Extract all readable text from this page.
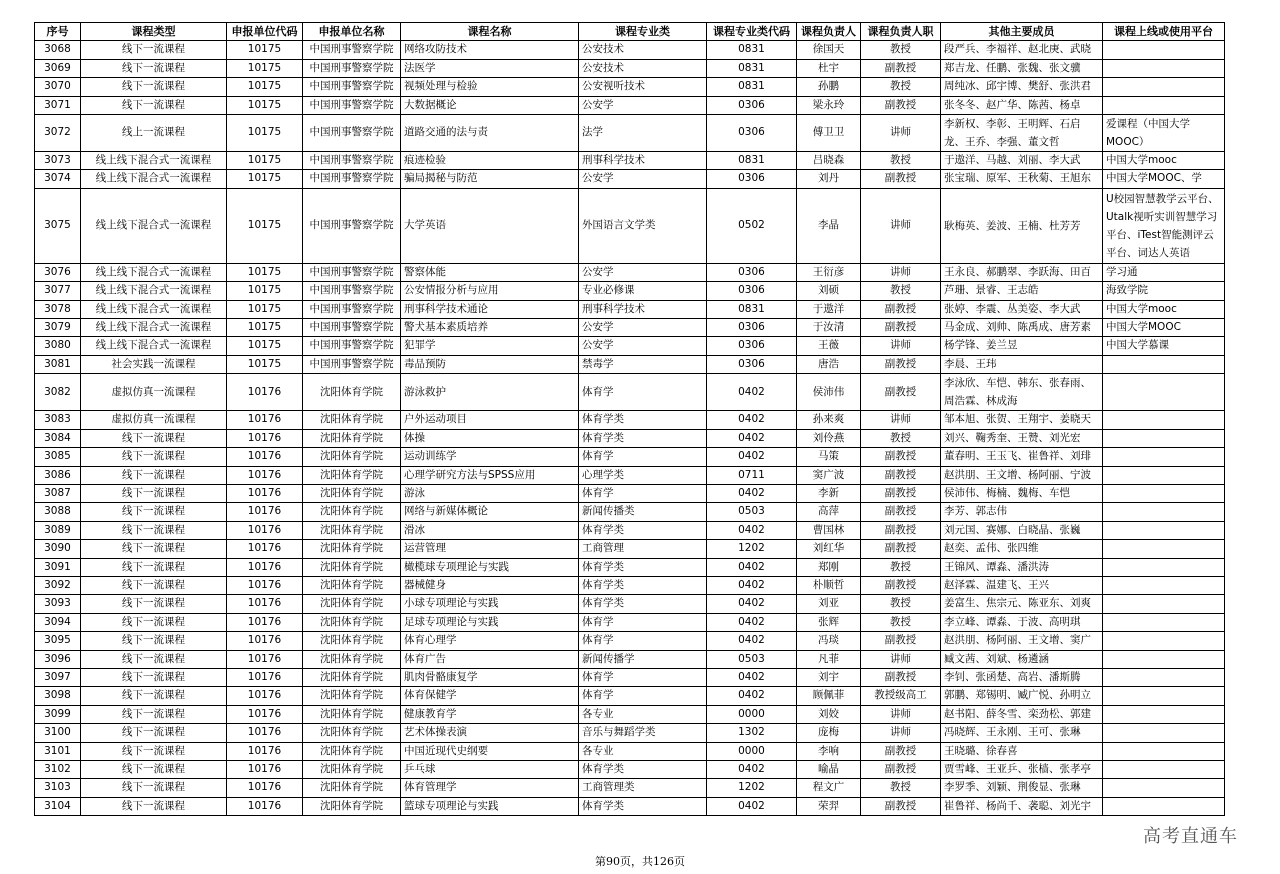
序号	课程类型	申报单位代码	申报单位名称	课程名称	课程专业类	课程专业类代码	课程负责人	课程负责人职	其他主要成员	课程上线或使用平台
3068	线下一流课程	10175	中国刑事警察学院	网络攻防技术	公安技术	0831	徐国天	教授	段严兵、李福祥、赵北庚、武晓	
3069	线下一流课程	10175	中国刑事警察学院	法医学	公安技术	0831	杜宇	副教授	郑吉龙、任鹏、张魏、张文骥	
3070	线下一流课程	10175	中国刑事警察学院	视频处理与检验	公安视听技术	0831	孙鹏	教授	周纯冰、邱宇博、樊舒、张洪君	
3071	线下一流课程	10175	中国刑事警察学院	大数据概论	公安学	0306	梁永玲	副教授	张冬冬、赵广华、陈茜、杨卓	
3072	线上一流课程	10175	中国刑事警察学院	道路交通的法与责	法学	0306	傅卫卫	讲师	李新权、李彰、王明辉、石启龙、王乔、李强、董文哲	爱课程（中国大学MOOC）
3073	线上线下混合式一流课程	10175	中国刑事警察学院	痕迹检验	刑事科学技术	0831	吕晓森	教授	于遨洋、马越、刘丽、李大武	中国大学mooc
3074	线上线下混合式一流课程	10175	中国刑事警察学院	骗局揭秘与防范	公安学	0306	刘丹	副教授	张宝瑞、原军、王秋菊、王旭东	中国大学MOOC、学
3075	线上线下混合式一流课程	10175	中国刑事警察学院	大学英语	外国语言文学类	0502	李晶	讲师	耿梅英、姜波、王楠、杜芳芳	U校园智慧教学云平台、Utalk视听实训智慧学习平台、iTest智能测评云平台、词达人英语
3076	线上线下混合式一流课程	10175	中国刑事警察学院	警察体能	公安学	0306	王衍彦	讲师	王永良、郝鹏翠、李跃海、田百	学习通
3077	线上线下混合式一流课程	10175	中国刑事警察学院	公安情报分析与应用	专业必修课	0306	刘硕	教授	芦珊、景睿、王志皓	海致学院
3078	线上线下混合式一流课程	10175	中国刑事警察学院	刑事科学技术通论	刑事科学技术	0831	于遨洋	副教授	张婷、李震、丛美姿、李大武	中国大学mooc
3079	线上线下混合式一流课程	10175	中国刑事警察学院	警犬基本素质培养	公安学	0306	于汝清	副教授	马金成、刘帅、陈禹成、唐芳素	中国大学MOOC
3080	线上线下混合式一流课程	10175	中国刑事警察学院	犯罪学	公安学	0306	王薇	讲师	杨学锋、姜兰昱	中国大学慕课
3081	社会实践一流课程	10175	中国刑事警察学院	毒品预防	禁毒学	0306	唐浩	副教授	李晨、王玮	
3082	虚拟仿真一流课程	10176	沈阳体育学院	游泳救护	体育学	0402	侯沛伟	副教授	李泳欣、车恺、韩东、张春雨、周浩霖、林成海	
3083	虚拟仿真一流课程	10176	沈阳体育学院	户外运动项目	体育学类	0402	孙来爽	讲师	邹本旭、张贺、王翔宇、姜晓天	
3084	线下一流课程	10176	沈阳体育学院	体操	体育学类	0402	刘伶燕	教授	刘兴、鞠秀奎、王赞、刘光宏	
3085	线下一流课程	10176	沈阳体育学院	运动训练学	体育学	0402	马策	副教授	董春明、王玉飞、崔鲁祥、刘琲	
3086	线下一流课程	10176	沈阳体育学院	心理学研究方法与SPSS应用	心理学类	0711	窦广波	副教授	赵洪朋、王文增、杨阿丽、宁波	
3087	线下一流课程	10176	沈阳体育学院	游泳	体育学	0402	李新	副教授	侯沛伟、梅楠、魏梅、车恺	
3088	线下一流课程	10176	沈阳体育学院	网络与新媒体概论	新闻传播类	0503	高萍	副教授	李芳、郭志伟	
3089	线下一流课程	10176	沈阳体育学院	滑冰	体育学类	0402	曹国林	副教授	刘元国、赛娜、白晓晶、张巍	
3090	线下一流课程	10176	沈阳体育学院	运营管理	工商管理	1202	刘红华	副教授	赵奕、孟伟、张四维	
3091	线下一流课程	10176	沈阳体育学院	橄榄球专项理论与实践	体育学类	0402	郑刚	教授	王锦风、谭淼、潘洪涛	
3092	线下一流课程	10176	沈阳体育学院	器械健身	体育学类	0402	朴顺哲	副教授	赵泽霖、温建飞、王兴	
3093	线下一流课程	10176	沈阳体育学院	小球专项理论与实践	体育学类	0402	刘亚	教授	姜富生、焦宗元、陈亚东、刘爽	
3094	线下一流课程	10176	沈阳体育学院	足球专项理论与实践	体育学	0402	张辉	教授	李立峰、谭淼、于波、高明琪	
3095	线下一流课程	10176	沈阳体育学院	体育心理学	体育学	0402	冯琰	副教授	赵洪朋、杨阿丽、王文增、窦广	
3096	线下一流课程	10176	沈阳体育学院	体育广告	新闻传播学	0503	凡菲	讲师	臧文茜、刘斌、杨遴涵	
3097	线下一流课程	10176	沈阳体育学院	肌肉骨骼康复学	体育学	0402	刘宇	副教授	李钊、张函楚、高岩、潘斯腾	
3098	线下一流课程	10176	沈阳体育学院	体育保健学	体育学	0402	顾佩菲	教授级高工	郭鹏、郑锡明、臧广悦、孙明立	
3099	线下一流课程	10176	沈阳体育学院	健康教育学	各专业	0000	刘姣	讲师	赵书阳、薛冬雪、栾劲松、郭建	
3100	线下一流课程	10176	沈阳体育学院	艺术体操表演	音乐与舞蹈学类	1302	庞梅	讲师	冯晓辉、王永刚、王可、张琳	
3101	线下一流课程	10176	沈阳体育学院	中国近现代史纲要	各专业	0000	李响	副教授	王晓璐、徐春喜	
3102	线下一流课程	10176	沈阳体育学院	乒乓球	体育学类	0402	喻晶	副教授	贾雪峰、王亚乒、张樯、张孝亭	
3103	线下一流课程	10176	沈阳体育学院	体育管理学	工商管理类	1202	程文广	教授	李罗季、刘颖、荆俊显、张琳	
3104	线下一流课程	10176	沈阳体育学院	篮球专项理论与实践	体育学类	0402	荣羿	副教授	崔鲁祥、杨尚千、袭聪、刘光宇	
高考直通车
第90页，共126页
